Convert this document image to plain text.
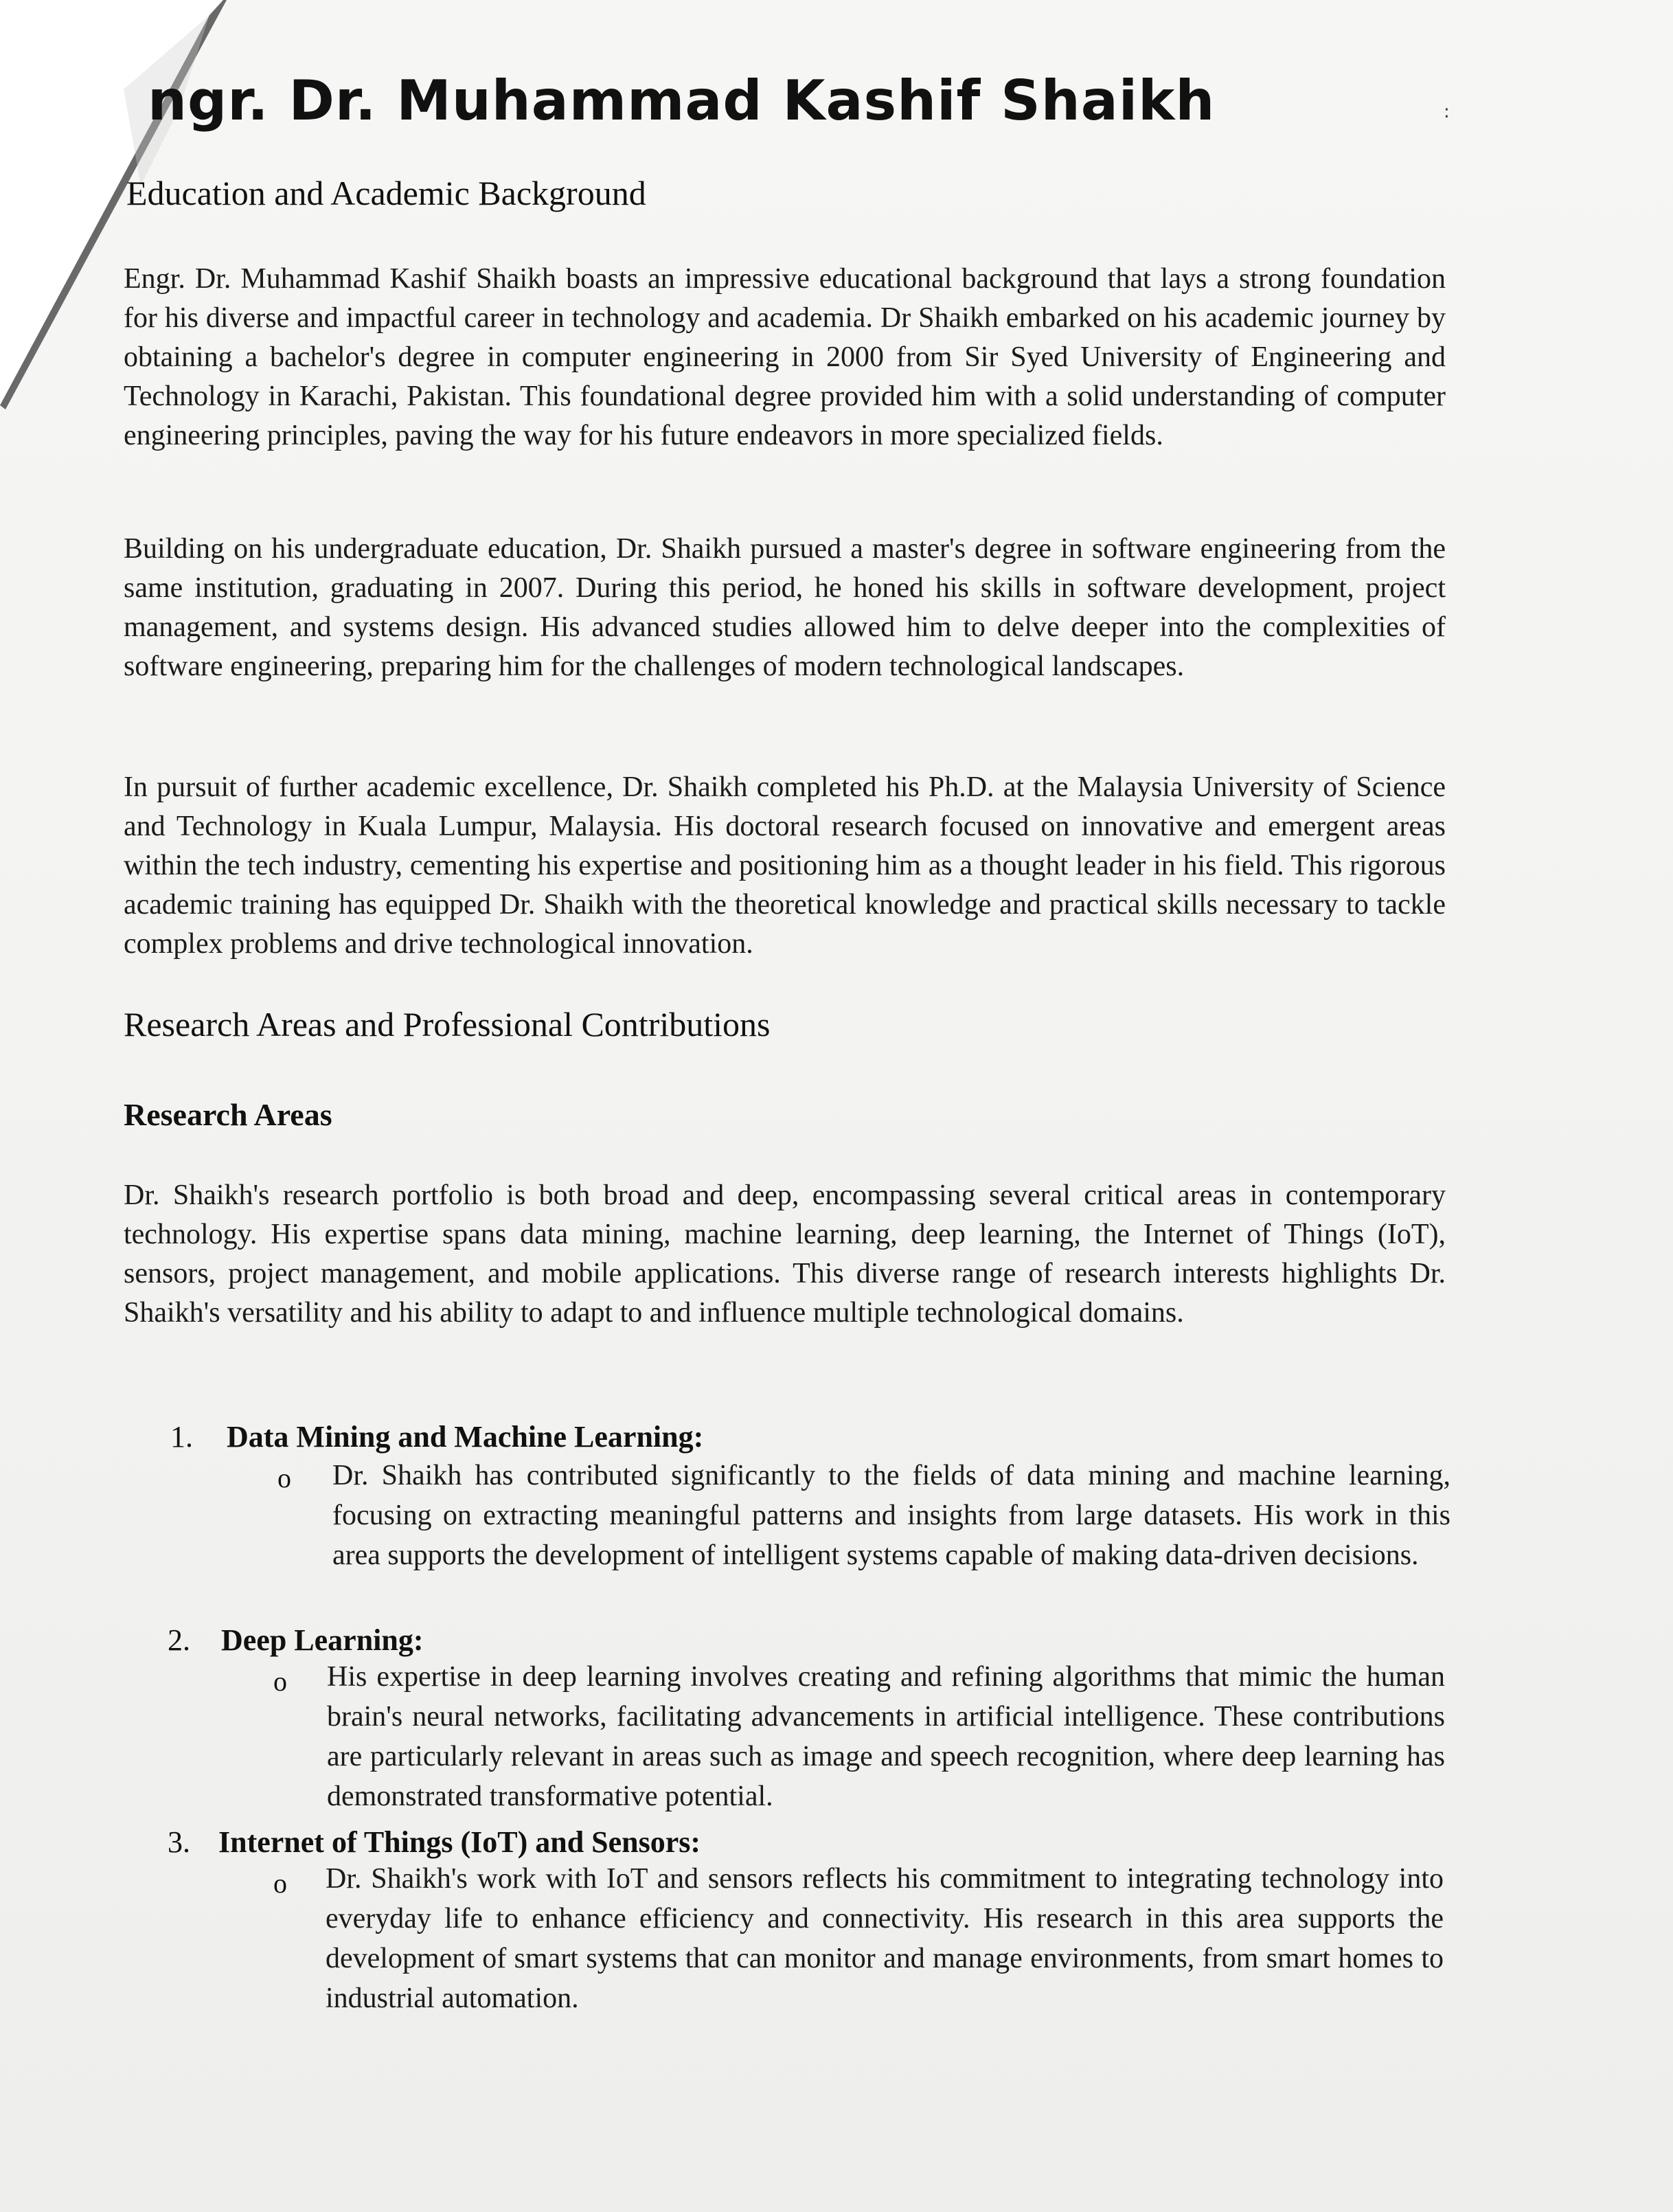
ngr. Dr. Muhammad Kashif Shaikh	:
Education and Academic Background
Engr. Dr. Muhammad Kashif Shaikh boasts an impressive educational background that lays a strong foundation for his diverse and impactful career in technology and academia. Dr Shaikh embarked on his academic journey by obtaining a bachelor's degree in computer engineering in 2000 from Sir Syed University of Engineering and Technology in Karachi, Pakistan. This foundational degree provided him with a solid understanding of computer engineering principles, paving the way for his future endeavors in more specialized fields.
Building on his undergraduate education, Dr. Shaikh pursued a master's degree in software engineering from the same institution, graduating in 2007. During this period, he honed his skills in software development, project management, and systems design. His advanced studies allowed him to delve deeper into the complexities of software engineering, preparing him for the challenges of modern technological landscapes.
In pursuit of further academic excellence, Dr. Shaikh completed his Ph.D. at the Malaysia University of Science and Technology in Kuala Lumpur, Malaysia. His doctoral research focused on innovative and emergent areas within the tech industry, cementing his expertise and positioning him as a thought leader in his field. This rigorous academic training has equipped Dr. Shaikh with the theoretical knowledge and practical skills necessary to tackle complex problems and drive technological innovation.
Research Areas and Professional Contributions
Research Areas
Dr. Shaikh's research portfolio is both broad and deep, encompassing several critical areas in contemporary technology. His expertise spans data mining, machine learning, deep learning, the Internet of Things (IoT), sensors, project management, and mobile applications. This diverse range of research interests highlights Dr. Shaikh's versatility and his ability to adapt to and influence multiple technological domains.
1. Data Mining and Machine Learning:
o Dr. Shaikh has contributed significantly to the fields of data mining and machine learning, focusing on extracting meaningful patterns and insights from large datasets. His work in this area supports the development of intelligent systems capable of making data-driven decisions.
2. Deep Learning:
o His expertise in deep learning involves creating and refining algorithms that mimic the human brain's neural networks, facilitating advancements in artificial intelligence. These contributions are particularly relevant in areas such as image and speech recognition, where deep learning has demonstrated transformative potential.
3. Internet of Things (IoT) and Sensors:
o Dr. Shaikh's work with IoT and sensors reflects his commitment to integrating technology into everyday life to enhance efficiency and connectivity. His research in this area supports the development of smart systems that can monitor and manage environments, from smart homes to industrial automation.
